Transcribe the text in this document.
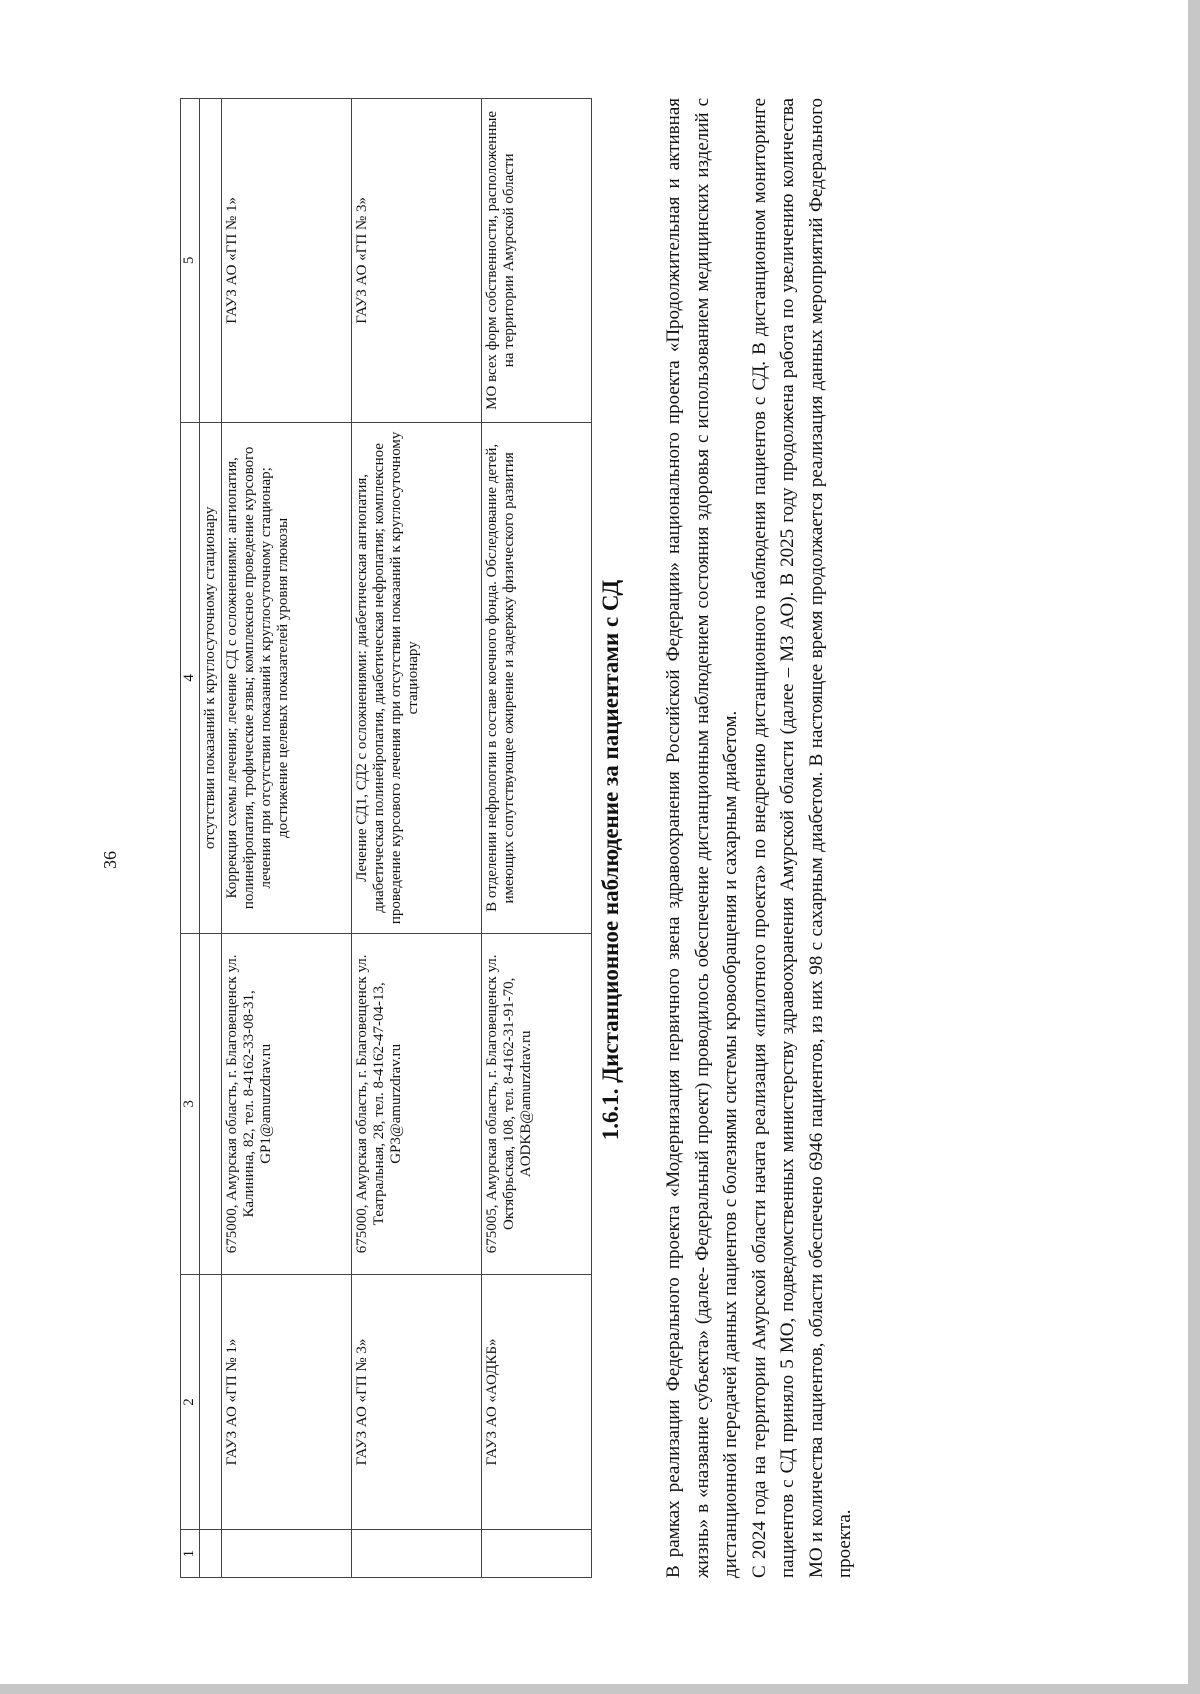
36
1	2	3	4	5
			отсутствии показаний к круглосуточному стационару	
	ГАУЗ АО «ГП № 1»	675000, Амурская область, г. Благовещенск ул. Калинина, 82, тел. 8-4162-33-08-31, GP1@amurzdrav.ru	Коррекция схемы лечения; лечение СД с осложнениями: ангиопатия, полинейропатия, трофические язвы; комплексное проведение курсового лечения при отсутствии показаний к круглосуточному стационар; достижение целевых показателей уровня глюкозы	ГАУЗ АО «ГП № 1»
	ГАУЗ АО «ГП № 3»	675000, Амурская область, г. Благовещенск ул. Театральная, 28, тел. 8-4162-47-04-13, GP3@amurzdrav.ru	Лечение СД1, СД2 с осложнениями: диабетическая ангиопатия, диабетическая полинейропатия, диабетическая нефропатия; комплексное проведение курсового лечения при отсутствии показаний к круглосуточному стационару	ГАУЗ АО «ГП № 3»
	ГАУЗ АО «АОДКБ»	675005, Амурская область, г. Благовещенск ул. Октябрьская, 108, тел. 8-4162-31-91-70, AODKB@amurzdrav.ru	В отделении нефрологии в составе коечного фонда. Обследование детей, имеющих сопутствующее ожирение и задержку физического развития	МО всех форм собственности, расположенные на территории Амурской области
1.6.1. Дистанционное наблюдение за пациентами с СД В рамках реализации Федерального проекта «Модернизация первичного звена здравоохранения Российской Федерации» национального проекта «Продолжительная и активная жизнь» в «название субъекта» (далее- Федеральный проект) проводилось обеспечение дистанционным наблюдением состояния здоровья с использованием медицинских изделий с дистанционной передачей данных пациентов с болезнями системы кровообращения и сахарным диабетом. С 2024 года на территории Амурской области начата реализация «пилотного проекта» по внедрению дистанционного наблюдения пациентов с СД. В дистанционном мониторинге пациентов с СД приняло 5 МО, подведомственных министерству здравоохранения Амурской области (далее – МЗ АО). В 2025 году продолжена работа по увеличению количества МО и количества пациентов, области обеспечено 6946 пациентов, из них 98 с сахарным диабетом. В настоящее время продолжается реализация данных мероприятий Федерального проекта.
